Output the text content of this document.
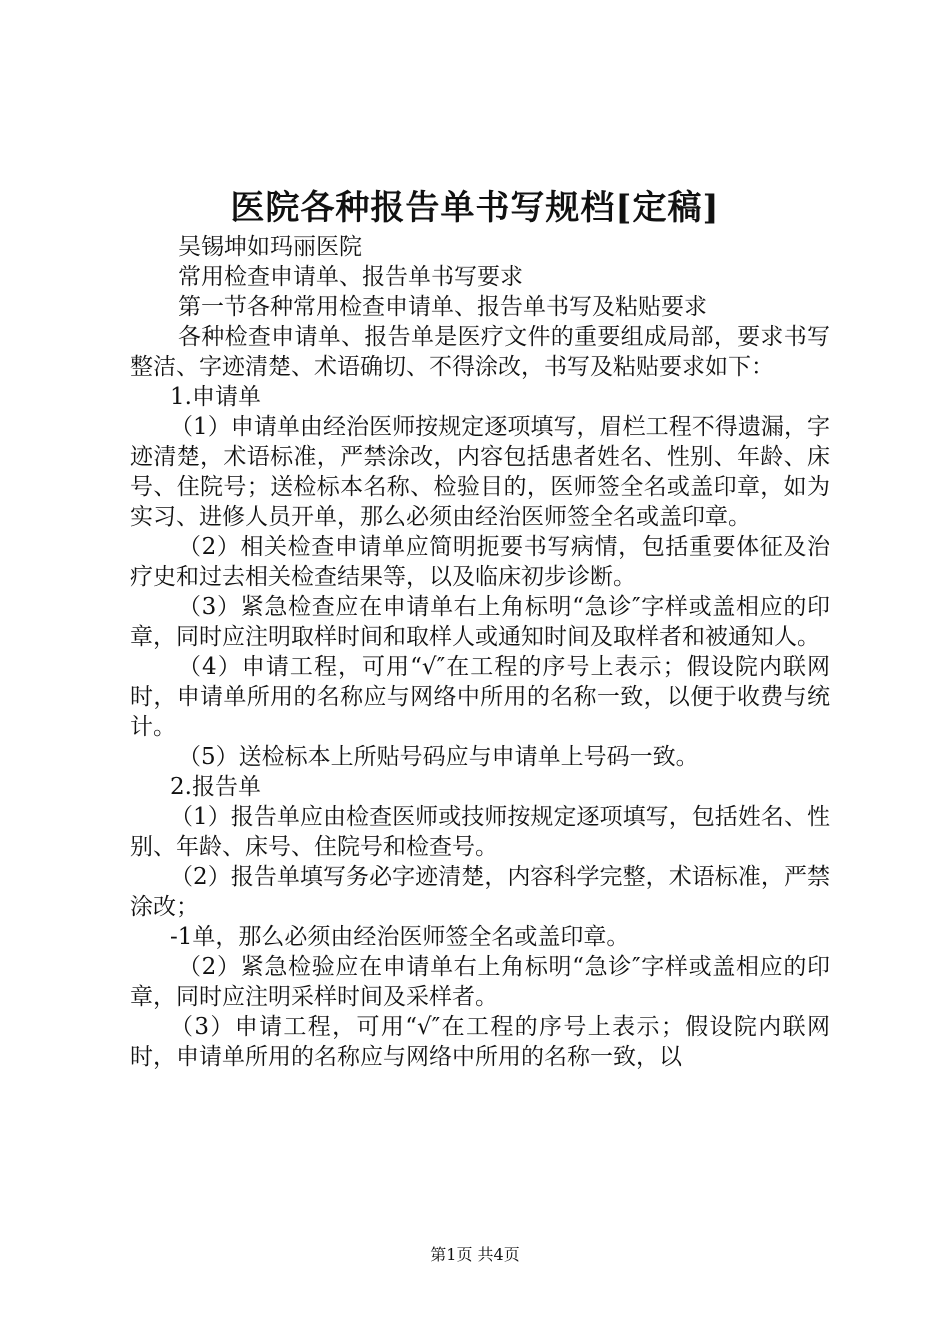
医院各种报告单书写规档[定稿]

吴锡坤如玛丽医院

常用检查申请单、报告单书写要求

第一节各种常用检查申请单、报告单书写及粘贴要求

各种检查申请单、报告单是医疗文件的重要组成局部，要求书写整洁、字迹清楚、术语确切、不得涂改，书写及粘贴要求如下：

1.申请单

（1）申请单由经治医师按规定逐项填写，眉栏工程不得遗漏，字迹清楚，术语标准，严禁涂改，内容包括患者姓名、性别、年龄、床号、住院号；送检标本名称、检验目的，医师签全名或盖印章，如为实习、进修人员开单，那么必须由经治医师签全名或盖印章。

（2）相关检查申请单应简明扼要书写病情，包括重要体征及治疗史和过去相关检查结果等，以及临床初步诊断。

（3）紧急检查应在申请单右上角标明“急诊″字样或盖相应的印章，同时应注明取样时间和取样人或通知时间及取样者和被通知人。

（4）申请工程，可用“√″在工程的序号上表示；假设院内联网时，申请单所用的名称应与网络中所用的名称一致，以便于收费与统计。

（5）送检标本上所贴号码应与申请单上号码一致。

2.报告单

（1）报告单应由检查医师或技师按规定逐项填写，包括姓名、性别、年龄、床号、住院号和检查号。

（2）报告单填写务必字迹清楚，内容科学完整，术语标准，严禁涂改；

-1单，那么必须由经治医师签全名或盖印章。

（2）紧急检验应在申请单右上角标明“急诊″字样或盖相应的印章，同时应注明采样时间及采样者。

（3）申请工程，可用“√″在工程的序号上表示；假设院内联网时，申请单所用的名称应与网络中所用的名称一致，以

第1页 共4页
